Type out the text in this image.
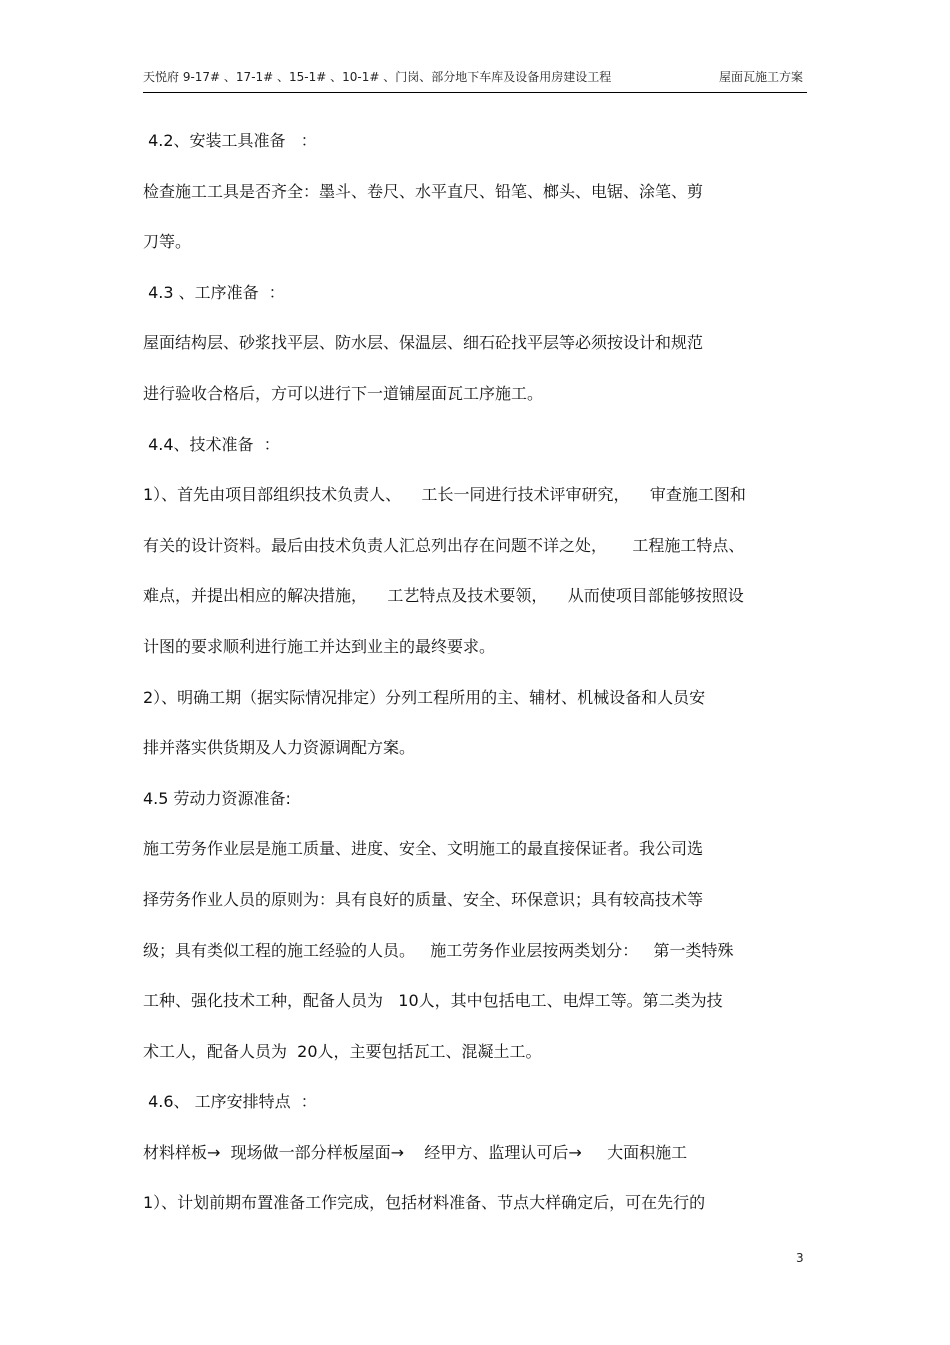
天悦府 9-17# 、17-1# 、15-1# 、10-1# 、门岗、部分地下车库及设备用房建设工程	屋面瓦施工方案
4.2、安装工具准备   ：
检查施工工具是否齐全：墨斗、卷尺、水平直尺、铅笔、榔头、电锯、涂笔、剪
刀等。
4.3 、工序准备  ：
屋面结构层、砂浆找平层、防水层、保温层、细石砼找平层等必须按设计和规范
进行验收合格后，方可以进行下一道铺屋面瓦工序施工。
4.4、技术准备  ：
1）、首先由项目部组织技术负责人、    工长一同进行技术评审研究，    审查施工图和
有关的设计资料。最后由技术负责人汇总列出存在问题不详之处，     工程施工特点、
难点，并提出相应的解决措施，    工艺特点及技术要领，    从而使项目部能够按照设
计图的要求顺利进行施工并达到业主的最终要求。
2）、明确工期（据实际情况排定）分列工程所用的主、辅材、机械设备和人员安
排并落实供货期及人力资源调配方案。
4.5 劳动力资源准备:
施工劳务作业层是施工质量、进度、安全、文明施工的最直接保证者。我公司选
择劳务作业人员的原则为：具有良好的质量、安全、环保意识；具有较高技术等
级；具有类似工程的施工经验的人员。   施工劳务作业层按两类划分：   第一类特殊
工种、强化技术工种，配备人员为   10人，其中包括电工、电焊工等。第二类为技
术工人，配备人员为  20人，主要包括瓦工、混凝土工。
4.6、 工序安排特点  ：
材料样板→  现场做一部分样板屋面→    经甲方、监理认可后→     大面积施工
1）、计划前期布置准备工作完成，包括材料准备、节点大样确定后，可在先行的
3
